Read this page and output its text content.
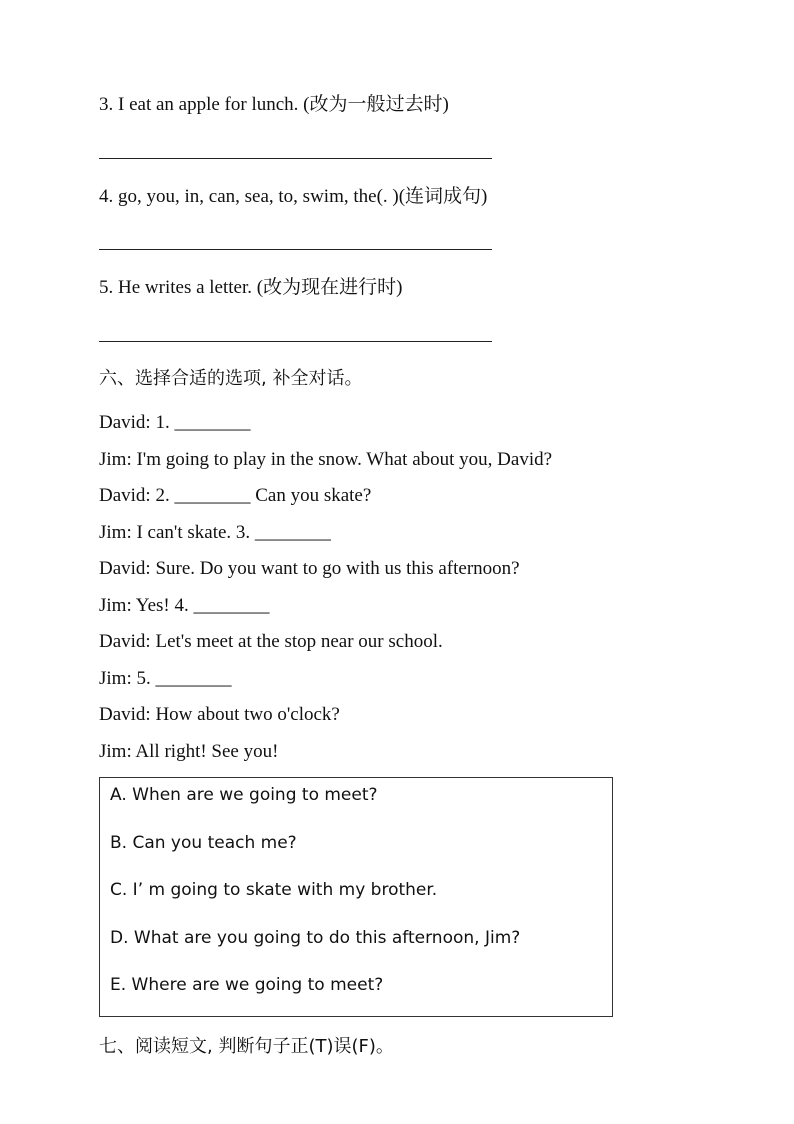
3. I eat an apple for lunch. (改为一般过去时)
4. go, you, in, can, sea, to, swim, the(. )(连词成句)
5. He writes a letter. (改为现在进行时)
六、选择合适的选项, 补全对话。
David: 1. ________
Jim: I'm going to play in the snow. What about you, David?
David: 2. ________ Can you skate?
Jim: I can't skate. 3. ________
David: Sure. Do you want to go with us this afternoon?
Jim: Yes! 4. ________
David: Let's meet at the stop near our school.
Jim: 5. ________
David: How about two o'clock?
Jim: All right! See you!
A. When are we going to meet?
B. Can you teach me?
C. I’ m going to skate with my brother.
D. What are you going to do this afternoon, Jim?
E. Where are we going to meet?
七、阅读短文, 判断句子正(T)误(F)。
